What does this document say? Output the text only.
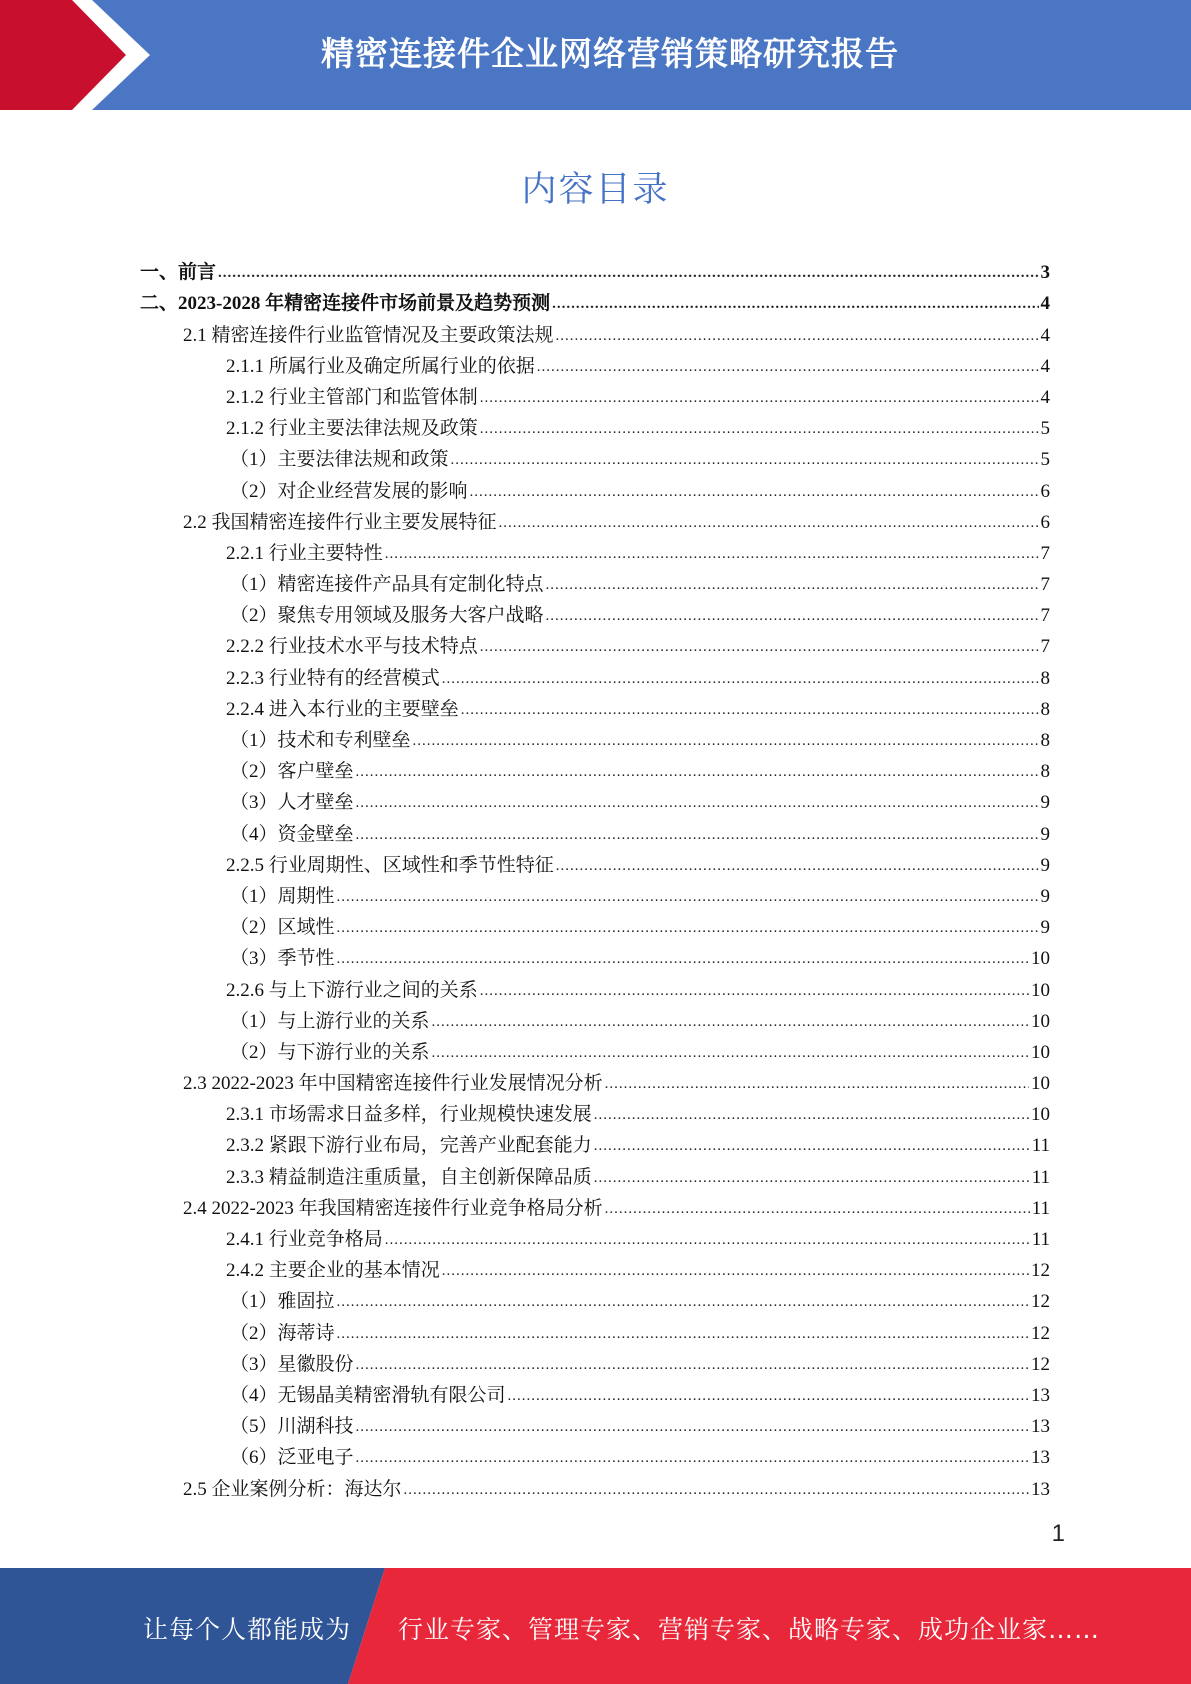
精密连接件企业网络营销策略研究报告
内容目录
一、前言 .....	3
二、2023-2028 年精密连接件市场前景及趋势预测 .....	4
2.1 精密连接件行业监管情况及主要政策法规 .....	4
2.1.1 所属行业及确定所属行业的依据 .....	4
2.1.2 行业主管部门和监管体制 .....	4
2.1.2 行业主要法律法规及政策 .....	5
（1）主要法律法规和政策 .....	5
（2）对企业经营发展的影响 .....	6
2.2 我国精密连接件行业主要发展特征 .....	6
2.2.1 行业主要特性 .....	7
（1）精密连接件产品具有定制化特点 .....	7
（2）聚焦专用领域及服务大客户战略 .....	7
2.2.2 行业技术水平与技术特点 .....	7
2.2.3 行业特有的经营模式 .....	8
2.2.4 进入本行业的主要壁垒 .....	8
（1）技术和专利壁垒 .....	8
（2）客户壁垒 .....	8
（3）人才壁垒 .....	9
（4）资金壁垒 .....	9
2.2.5 行业周期性、区域性和季节性特征 .....	9
（1）周期性 .....	9
（2）区域性 .....	9
（3）季节性 .....	10
2.2.6 与上下游行业之间的关系 .....	10
（1）与上游行业的关系 .....	10
（2）与下游行业的关系 .....	10
2.3 2022-2023 年中国精密连接件行业发展情况分析 .....	10
2.3.1 市场需求日益多样，行业规模快速发展 .....	10
2.3.2 紧跟下游行业布局，完善产业配套能力 .....	11
2.3.3 精益制造注重质量，自主创新保障品质 .....	11
2.4 2022-2023 年我国精密连接件行业竞争格局分析 .....	11
2.4.1 行业竞争格局 .....	11
2.4.2 主要企业的基本情况 .....	12
（1）雅固拉 .....	12
（2）海蒂诗 .....	12
（3）星徽股份 .....	12
（4）无锡晶美精密滑轨有限公司 .....	13
（5）川湖科技 .....	13
（6）泛亚电子 .....	13
2.5 企业案例分析：海达尔 .....	13
1
让每个人都能成为 行业专家、管理专家、营销专家、战略专家、成功企业家……
